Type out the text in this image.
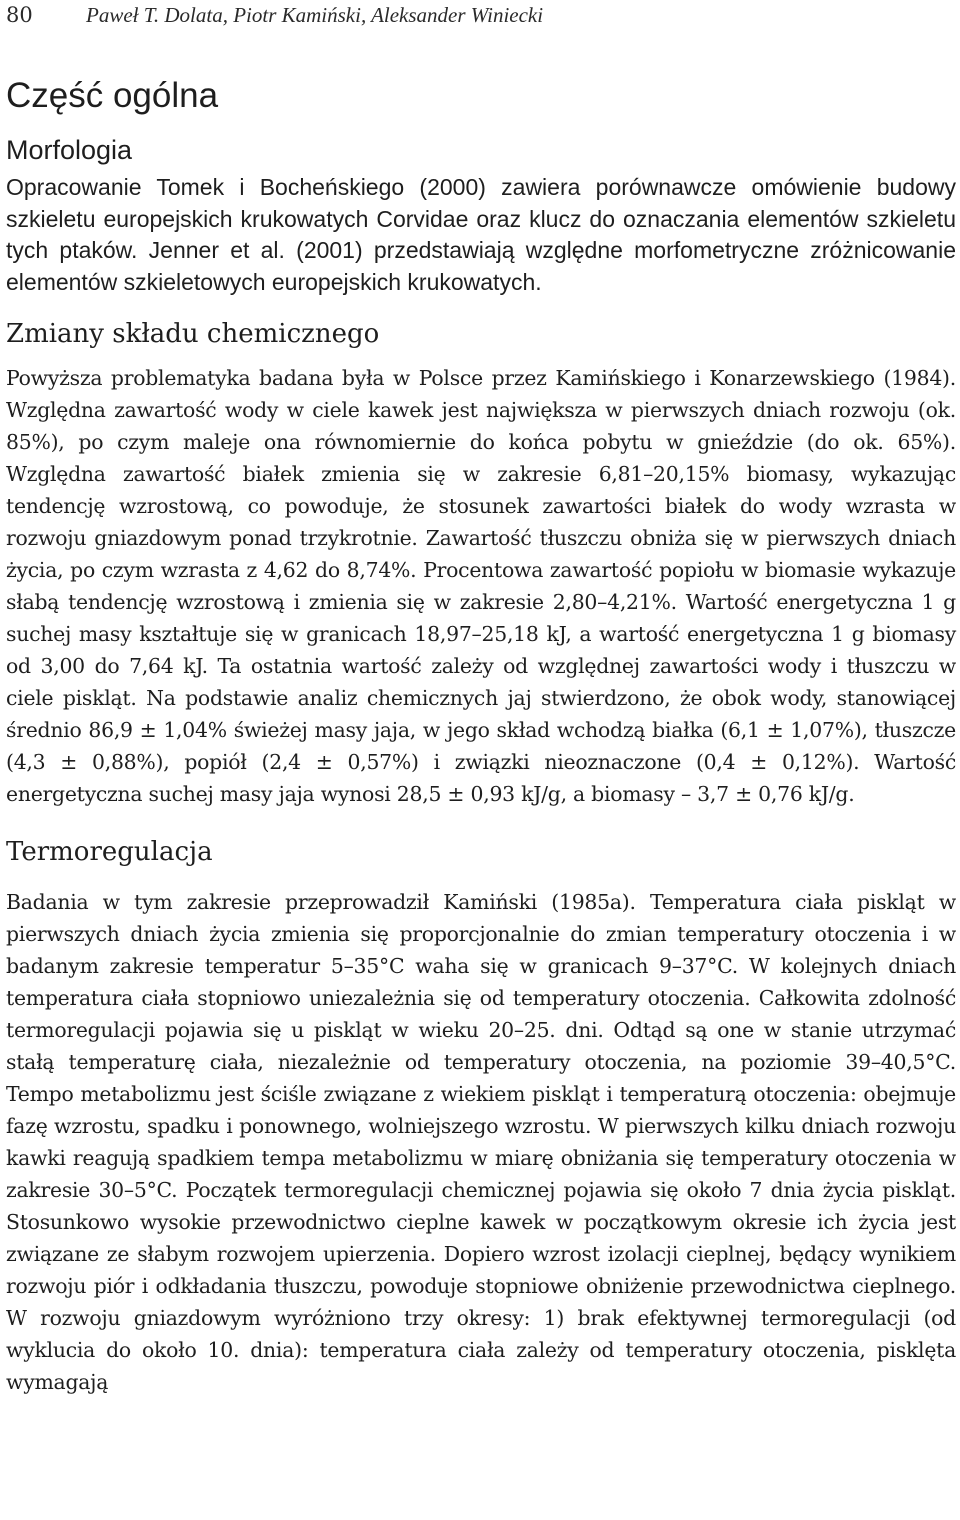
80	Paweł T. Dolata, Piotr Kamiński, Aleksander Winiecki
Część ogólna
Morfologia

Opracowanie Tomek i Bocheńskiego (2000) zawiera porównawcze omówienie budowy szkieletu europejskich krukowatych Corvidae oraz klucz do oznaczania elementów szkieletu tych ptaków. Jenner et al. (2001) przedstawiają względne morfometryczne zróżnicowanie elementów szkieletowych europejskich krukowatych.

Zmiany składu chemicznego

Powyższa problematyka badana była w Polsce przez Kamińskiego i Konarzewskiego (1984). Względna zawartość wody w ciele kawek jest największa w pierwszych dniach rozwoju (ok. 85%), po czym maleje ona równomiernie do końca pobytu w gnieździe (do ok. 65%). Względna zawartość białek zmienia się w zakresie 6,81–20,15% biomasy, wykazując tendencję wzrostową, co powoduje, że stosunek zawartości białek do wody wzrasta w rozwoju gniazdowym ponad trzykrotnie. Zawartość tłuszczu obniża się w pierwszych dniach życia, po czym wzrasta z 4,62 do 8,74%. Procentowa zawartość popiołu w biomasie wykazuje słabą tendencję wzrostową i zmienia się w zakresie 2,80–4,21%. Wartość energetyczna 1 g suchej masy kształtuje się w granicach 18,97–25,18 kJ, a wartość energetyczna 1 g biomasy od 3,00 do 7,64 kJ. Ta ostatnia wartość zależy od względnej zawartości wody i tłuszczu w ciele piskląt. Na podstawie analiz chemicznych jaj stwierdzono, że obok wody, stanowiącej średnio 86,9 ± 1,04% świeżej masy jaja, w jego skład wchodzą białka (6,1 ± 1,07%), tłuszcze (4,3 ± 0,88%), popiół (2,4 ± 0,57%) i związki nieoznaczone (0,4 ± 0,12%). Wartość energetyczna suchej masy jaja wynosi 28,5 ± 0,93 kJ/g, a biomasy – 3,7 ± 0,76 kJ/g.

Termoregulacja

Badania w tym zakresie przeprowadził Kamiński (1985a). Temperatura ciała piskląt w pierwszych dniach życia zmienia się proporcjonalnie do zmian temperatury otoczenia i w badanym zakresie temperatur 5–35°C waha się w granicach 9–37°C. W kolejnych dniach temperatura ciała stopniowo uniezależnia się od temperatury otoczenia. Całkowita zdolność termoregulacji pojawia się u piskląt w wieku 20–25. dni. Odtąd są one w stanie utrzymać stałą temperaturę ciała, niezależnie od temperatury otoczenia, na poziomie 39–40,5°C. Tempo metabolizmu jest ściśle związane z wiekiem piskląt i temperaturą otoczenia: obejmuje fazę wzrostu, spadku i ponownego, wolniejszego wzrostu. W pierwszych kilku dniach rozwoju kawki reagują spadkiem tempa metabolizmu w miarę obniżania się temperatury otoczenia w zakresie 30–5°C. Początek termoregulacji chemicznej pojawia się około 7 dnia życia piskląt. Stosunkowo wysokie przewodnictwo cieplne kawek w początkowym okresie ich życia jest związane ze słabym rozwojem upierzenia. Dopiero wzrost izolacji cieplnej, będący wynikiem rozwoju piór i odkładania tłuszczu, powoduje stopniowe obniżenie przewodnictwa cieplnego. W rozwoju gniazdowym wyróżniono trzy okresy: 1) brak efektywnej termoregulacji (od wyklucia do około 10. dnia): temperatura ciała zależy od temperatury otoczenia, pisklęta wymagają
